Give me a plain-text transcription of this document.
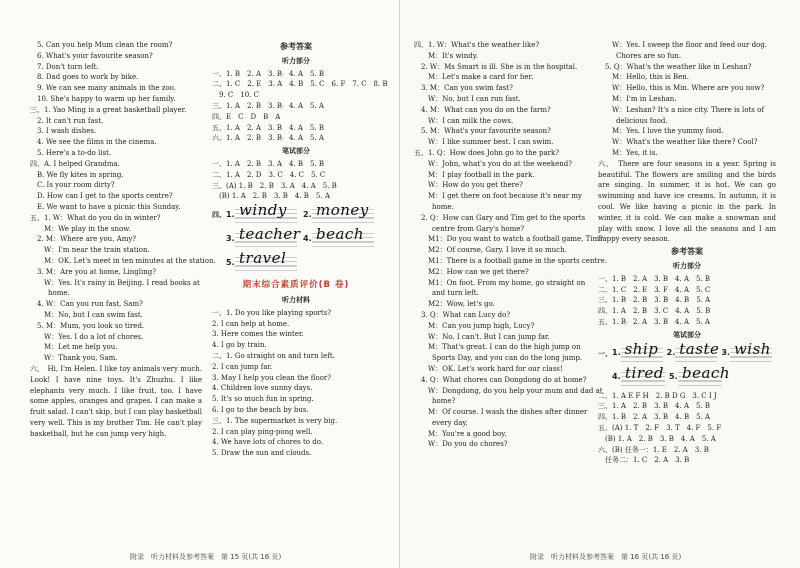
5. Can you help Mum clean the room?
6. What's your favourite season?
7. Don't turn left.
8. Dad goes to work by bike.
9. We can see many animals in the zoo.
10. She's happy to warm up her family.
三、1. Yao Ming is a great basketball player.
2. It can't run fast.
3. I wash dishes.
4. We see the films in the cinema.
5. Here's a to-do list.
四、A. I helped Grandma.
B. We fly kites in spring.
C. Is your room dirty?
D. How can I get to the sports centre?
E. We want to have a picnic this Sunday.
五、1. W：What do you do in winter?
M：We play in the snow.
2. M：Where are you, Amy?
W：I'm near the train station.
M：OK. Let's meet in ten minutes at the station.
3. M：Are you at home, Lingling?
W：Yes. It's rainy in Beijing. I read books at
home.
4. W：Can you run fast, Sam?
M：No, but I can swim fast.
5. M：Mum, you look so tired.
W：Yes. I do a lot of chores.
M：Let me help you.
W：Thank you, Sam.
六、　Hi, I'm Helen. I like toy animals very much. Look! I have nine toys. It's Zhuzhu. I like elephants very much. I like fruit, too. I have some apples, oranges and grapes. I can make a fruit salad. I can't skip, but I can play basketball very well. This is my brother Tim. He can't play basketball, but he can jump very high.
参考答案
听力部分
一、1. B　2. A　3. B　4. A　5. B
二、1. C　2. E　3. A　4. B　5. C　6. F　7. C　8. B
　9. C　10. C
三、1. A　2. B　3. B　4. A　5. A
四、E　C　D　B　A
五、1. A　2. A　3. B　4. A　5. B
六、1. A　2. B　3. B　4. A　5. A
笔试部分
一、1. A　2. B　3. A　4. B　5. B
二、1. A　2. D　3. C　4. C　5. C
三、(A) 1. B　2. B　3. A　4. A　5. B
　(B) 1. A　2. B　3. B　4. B　5. A
四、 1. windy 2. money
3. teacher 4. beach
5. travel
期末综合素质评价(B 卷)
听力材料
一、1. Do you like playing sports?
2. I can help at home.
3. Here comes the winter.
4. I go by train.
二、1. Go straight on and turn left.
2. I can jump far.
3. May I help you clean the floor?
4. Children love sunny days.
5. It's so much fun in spring.
6. I go to the beach by bus.
三、1. The supermarket is very big.
2. I can play ping-pong well.
4. We have lots of chores to do.
5. Draw the sun and clouds.
附录　听力材料及参考答案　第 15 页(共 16 页)
四、1. W：What's the weather like?
M：It's windy.
2. W：Ms Smart is ill. She is in the hospital.
M：Let's make a card for her.
3. M：Can you swim fast?
W：No, but I can run fast.
4. M：What can you do on the farm?
W：I can milk the cows.
5. M：What's your favourite season?
W：I like summer best. I can swim.
五、1. Q：How does John go to the park?
W：John, what's you do at the weekend?
M：I play football in the park.
W：How do you get there?
M：I get there on foot because it's near my
home.
2. Q：How can Gary and Tim get to the sports
centre from Gary's home?
M1：Do you want to watch a football game, Tim?
M2：Of course, Gary. I love it so much.
M1：There is a football game in the sports centre.
M2：How can we get there?
M1：On foot. From my home, go straight on
and turn left.
M2：Wow, let's go.
3. Q：What can Lucy do?
M：Can you jump high, Lucy?
W：No. I can't. But I can jump far.
M：That's great. I can do the high jump on
Sports Day, and you can do the long jump.
W：OK. Let's work hard for our class!
4. Q：What chores can Dongdong do at home?
W：Dongdong, do you help your mum and dad at
home?
M：Of course. I wash the dishes after dinner
every day.
M：You're a good boy.
W：Do you do chores?
W：Yes. I sweep the floor and feed our dog.
Chores are so fun.
5. Q：What's the weather like in Leshan?
M：Hello, this is Ben.
W：Hello, this is Min. Where are you now?
M：I'm in Leshan.
W：Leshan? It's a nice city. There is lots of
delicious food.
M：Yes. I love the yummy food.
W：What's the weather like there? Cool?
M：Yes, it is.
六、　There are four seasons in a year. Spring is beautiful. The flowers are smiling and the birds are singing. In summer, it is hot. We can go swimming and have ice creams. In autumn, it is cool. We like having a picnic in the park. In winter, it is cold. We can make a snowman and play with snow. I love all the seasons and I am happy every season.
参考答案
听力部分
一、1. B　2. A　3. B　4. A　5. B
二、1. C　2. E　3. F　4. A　5. C
三、1. B　2. B　3. B　4. B　5. A
四、1. A　2. B　3. C　4. A　5. B
五、1. B　2. A　3. B　4. A　5. A
笔试部分
一、 1. ship 2. taste 3. wish
4. tired 5. beach
二、1. A E F H　2. B D G　3. C I J
三、1. A　2. B　3. B　4. A　5. B
四、1. B　2. A　3. B　4. B　5. A
五、(A) 1. T　2. F　3. T　4. F　5. F
　(B) 1. A　2. B　3. B　4. A　5. A
六、(B) 任务一：1. E　2. A　3. B
　任务二：1. C　2. A　3. B
附录　听力材料及参考答案　第 16 页(共 16 页)
